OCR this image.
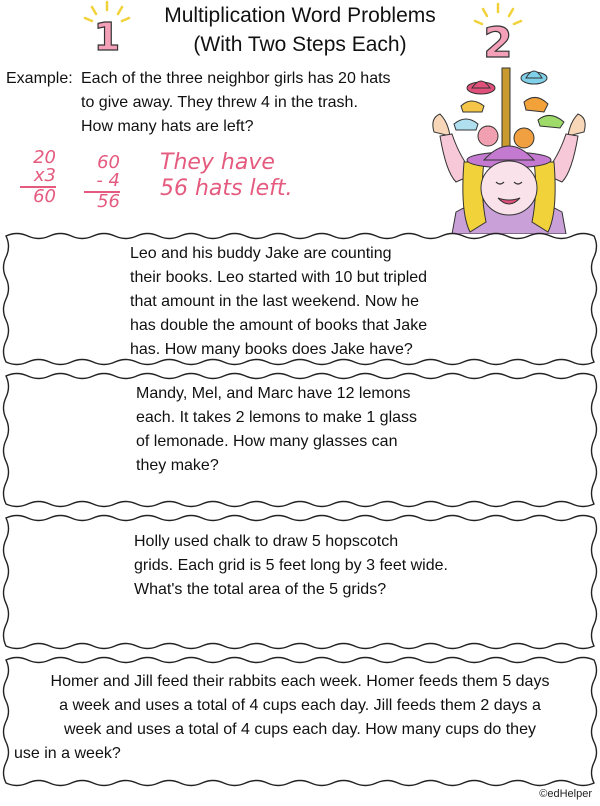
Multiplication Word Problems
(With Two Steps Each)
1	2
Example: Each of the three neighbor girls has 20 hats
to give away. They threw 4 in the trash.
How many hats are left?
20
x3
60
60
- 4
56
They have
56 hats left.
Leo and his buddy Jake are counting
their books. Leo started with 10 but tripled
that amount in the last weekend. Now he
has double the amount of books that Jake
has. How many books does Jake have?
Mandy, Mel, and Marc have 12 lemons
each. It takes 2 lemons to make 1 glass
of lemonade. How many glasses can
they make?
Holly used chalk to draw 5 hopscotch
grids. Each grid is 5 feet long by 3 feet wide.
What's the total area of the 5 grids?
Homer and Jill feed their rabbits each week. Homer feeds them 5 days
a week and uses a total of 4 cups each day. Jill feeds them 2 days a
week and uses a total of 4 cups each day. How many cups do they
use in a week?
©edHelper
